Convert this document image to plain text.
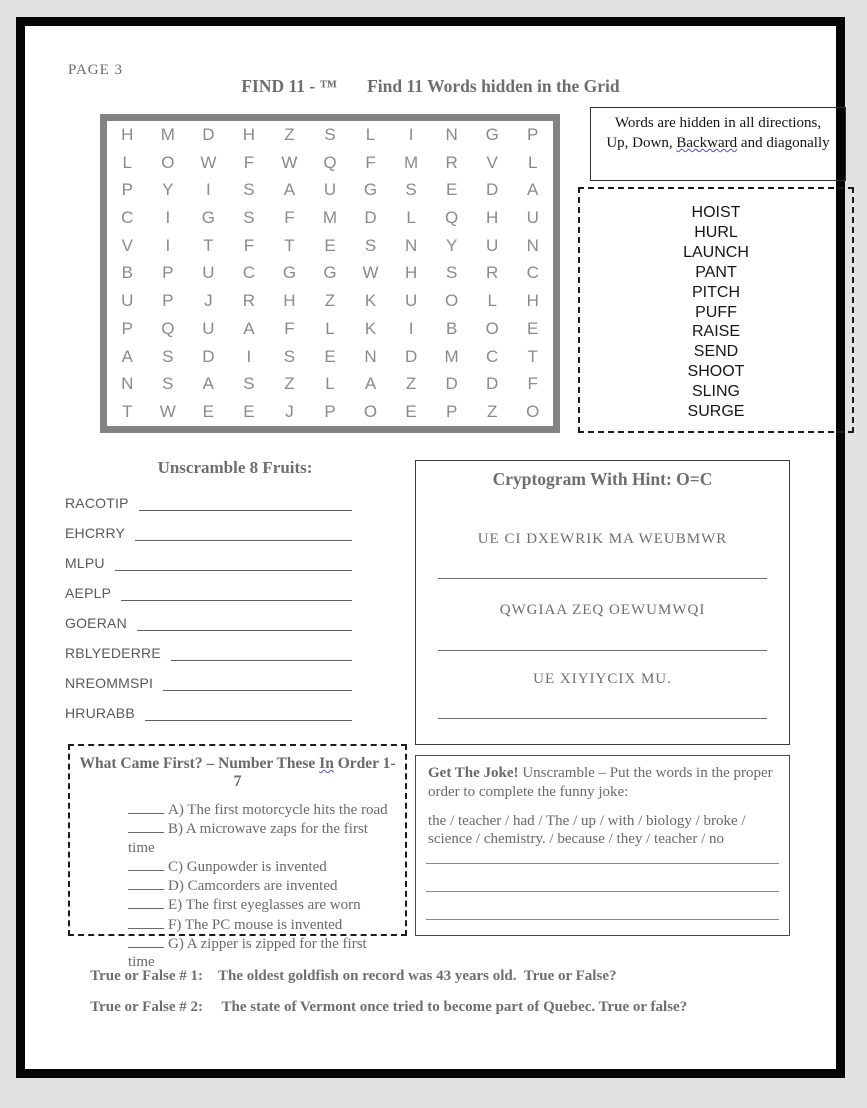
PAGE 3
FIND 11 - ™ Find 11 Words hidden in the Grid
H	M	D	H	Z	S	L	I	N	G	P
L	O	W	F	W	Q	F	M	R	V	L
P	Y	I	S	A	U	G	S	E	D	A
C	I	G	S	F	M	D	L	Q	H	U
V	I	T	F	T	E	S	N	Y	U	N
B	P	U	C	G	G	W	H	S	R	C
U	P	J	R	H	Z	K	U	O	L	H
P	Q	U	A	F	L	K	I	B	O	E
A	S	D	I	S	E	N	D	M	C	T
N	S	A	S	Z	L	A	Z	D	D	F
T	W	E	E	J	P	O	E	P	Z	O
Words are hidden in all directions, Up, Down, Backward and diagonally
HOIST
HURL
LAUNCH
PANT
PITCH
PUFF
RAISE
SEND
SHOOT
SLING
SURGE
Unscramble 8 Fruits:
RACOTIP
EHCRRY
MLPU
AEPLP
GOERAN
RBLYEDERRE
NREOMMSPI
HRURABB
Cryptogram With Hint: O=C
UE CI DXEWRIK MA WEUBMWR
QWGIAA ZEQ OEWUMWQI
UE XIYIYCIX MU.
What Came First? – Number These In Order 1-7
A) The first motorcycle hits the road
B) A microwave zaps for the first time
C) Gunpowder is invented
D) Camcorders are invented
E) The first eyeglasses are worn
F) The PC mouse is invented
G) A zipper is zipped for the first time
Get The Joke! Unscramble – Put the words in the proper order to complete the funny joke:
the / teacher / had / The / up / with / biology / broke / science / chemistry. / because / they / teacher / no

True or False # 1: The oldest goldfish on record was 43 years old.  True or False?

True or False # 2: The state of Vermont once tried to become part of Quebec. True or false?
